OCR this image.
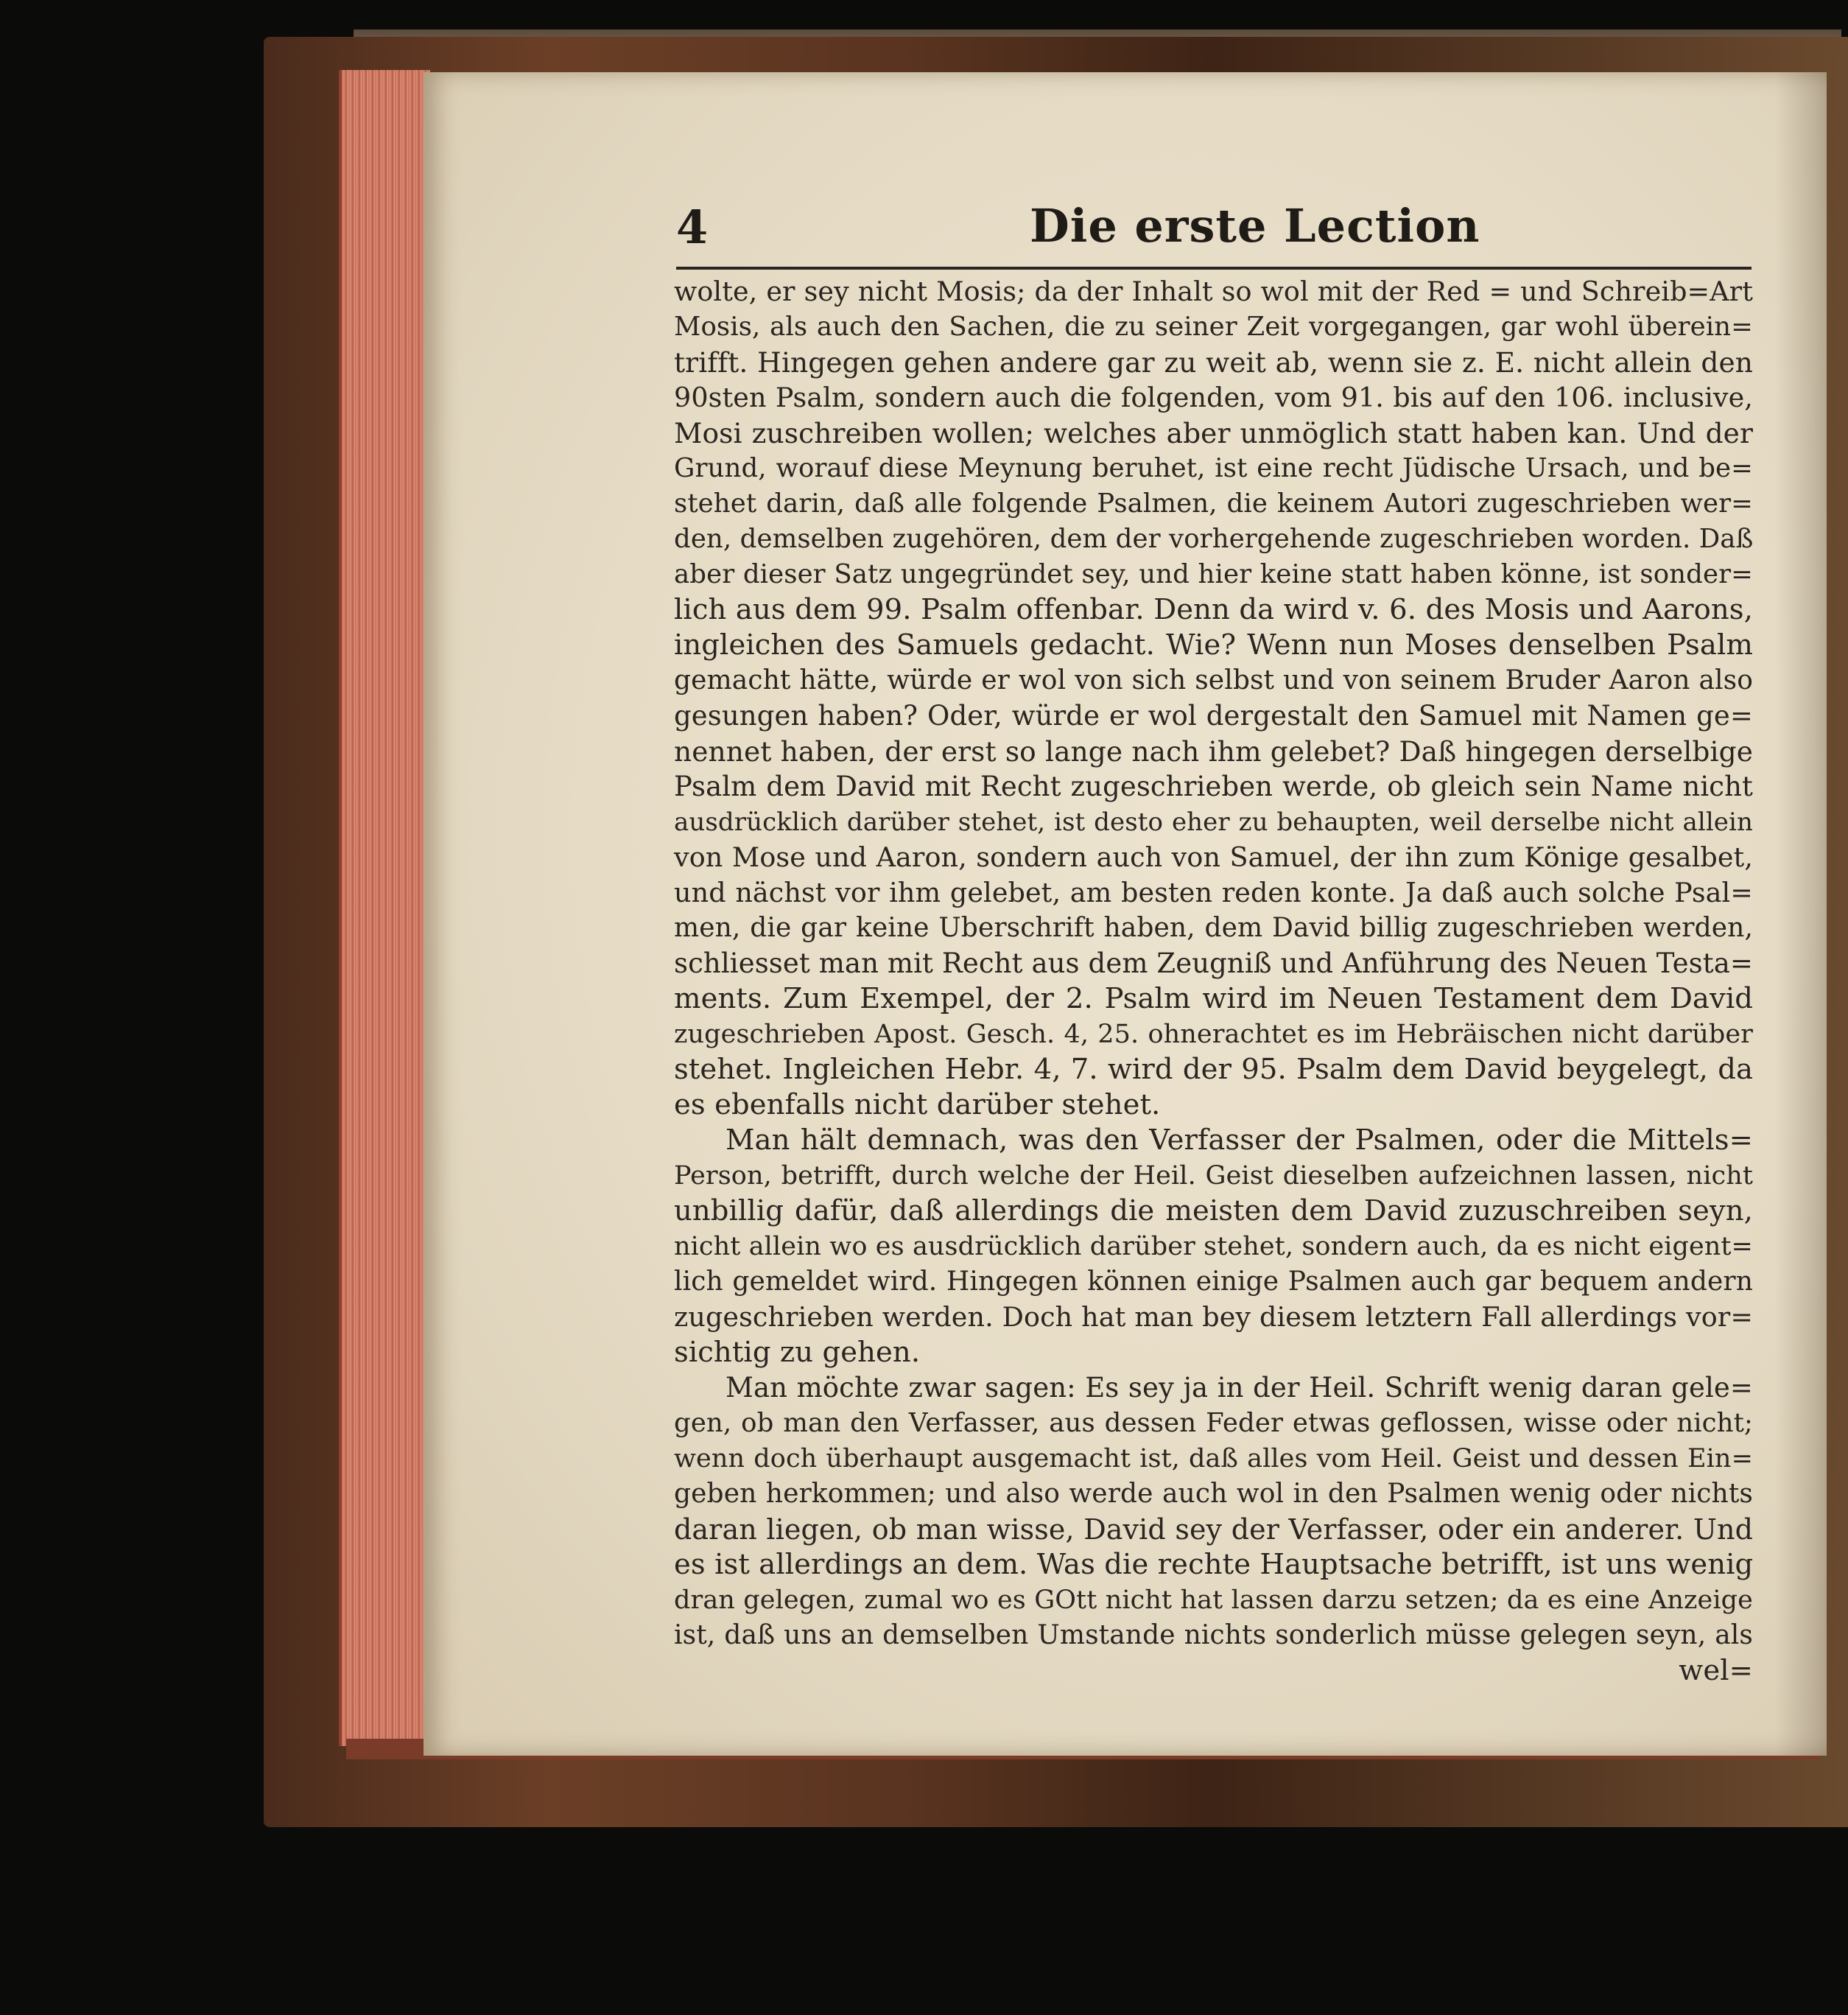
4	Die erste Lection
wolte, er sey nicht Mosis; da der Inhalt so wol mit der Red = und Schreib=Art
Mosis, als auch den Sachen, die zu seiner Zeit vorgegangen, gar wohl überein=
trifft. Hingegen gehen andere gar zu weit ab, wenn sie z. E. nicht allein den
90sten Psalm, sondern auch die folgenden, vom 91. bis auf den 106. inclusive,
Mosi zuschreiben wollen; welches aber unmöglich statt haben kan. Und der
Grund, worauf diese Meynung beruhet, ist eine recht Jüdische Ursach, und be=
stehet darin, daß alle folgende Psalmen, die keinem Autori zugeschrieben wer=
den, demselben zugehören, dem der vorhergehende zugeschrieben worden. Daß
aber dieser Satz ungegründet sey, und hier keine statt haben könne, ist sonder=
lich aus dem 99. Psalm offenbar. Denn da wird v. 6. des Mosis und Aarons,
ingleichen des Samuels gedacht. Wie? Wenn nun Moses denselben Psalm
gemacht hätte, würde er wol von sich selbst und von seinem Bruder Aaron also
gesungen haben? Oder, würde er wol dergestalt den Samuel mit Namen ge=
nennet haben, der erst so lange nach ihm gelebet? Daß hingegen derselbige
Psalm dem David mit Recht zugeschrieben werde, ob gleich sein Name nicht
ausdrücklich darüber stehet, ist desto eher zu behaupten, weil derselbe nicht allein
von Mose und Aaron, sondern auch von Samuel, der ihn zum Könige gesalbet,
und nächst vor ihm gelebet, am besten reden konte. Ja daß auch solche Psal=
men, die gar keine Uberschrift haben, dem David billig zugeschrieben werden,
schliesset man mit Recht aus dem Zeugniß und Anführung des Neuen Testa=
ments. Zum Exempel, der 2. Psalm wird im Neuen Testament dem David
zugeschrieben Apost. Gesch. 4, 25. ohnerachtet es im Hebräischen nicht darüber
stehet. Ingleichen Hebr. 4, 7. wird der 95. Psalm dem David beygelegt, da
es ebenfalls nicht darüber stehet.
Man hält demnach, was den Verfasser der Psalmen, oder die Mittels=
Person, betrifft, durch welche der Heil. Geist dieselben aufzeichnen lassen, nicht
unbillig dafür, daß allerdings die meisten dem David zuzuschreiben seyn,
nicht allein wo es ausdrücklich darüber stehet, sondern auch, da es nicht eigent=
lich gemeldet wird. Hingegen können einige Psalmen auch gar bequem andern
zugeschrieben werden. Doch hat man bey diesem letztern Fall allerdings vor=
sichtig zu gehen.
Man möchte zwar sagen: Es sey ja in der Heil. Schrift wenig daran gele=
gen, ob man den Verfasser, aus dessen Feder etwas geflossen, wisse oder nicht;
wenn doch überhaupt ausgemacht ist, daß alles vom Heil. Geist und dessen Ein=
geben herkommen; und also werde auch wol in den Psalmen wenig oder nichts
daran liegen, ob man wisse, David sey der Verfasser, oder ein anderer. Und
es ist allerdings an dem. Was die rechte Hauptsache betrifft, ist uns wenig
dran gelegen, zumal wo es GOtt nicht hat lassen darzu setzen; da es eine Anzeige
ist, daß uns an demselben Umstande nichts sonderlich müsse gelegen seyn, als
wel=
